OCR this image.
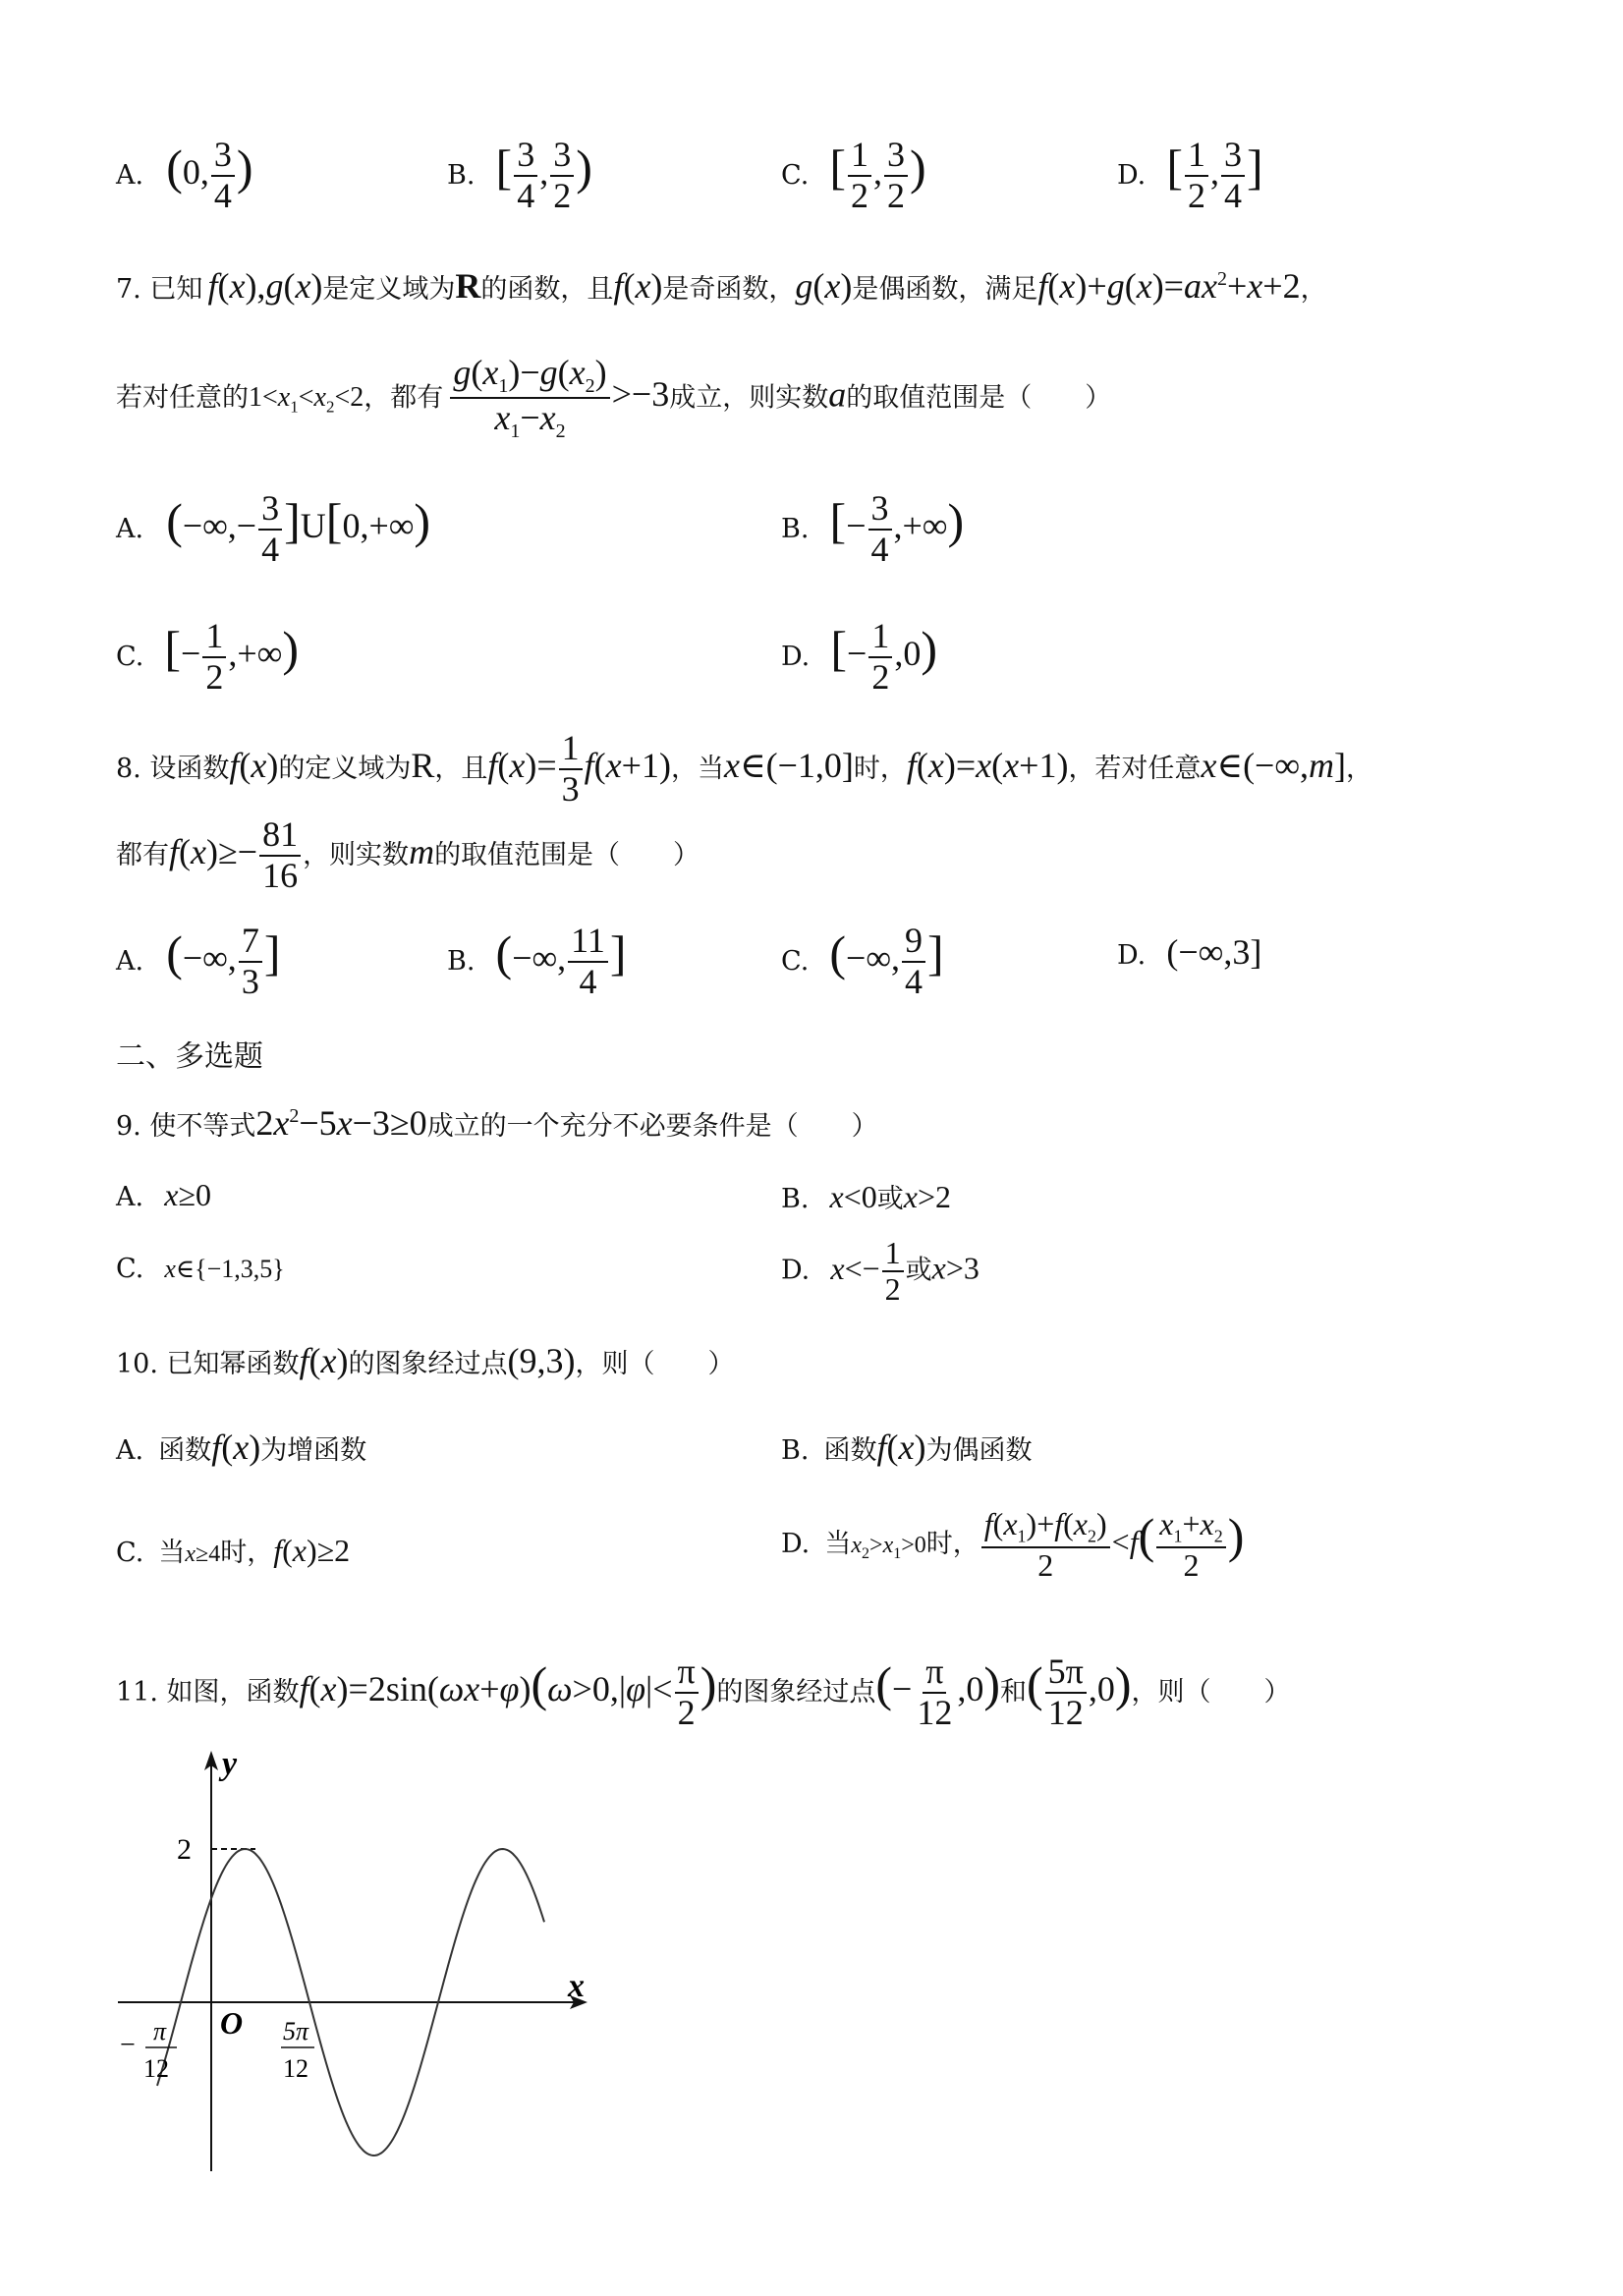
A. (0, $\frac{3}{4}$ )	B. [ $\frac{3}{4}$ , $\frac{3}{2}$ )	C. [ $\frac{1}{2}$ , $\frac{3}{2}$ )	D. [ $\frac{1}{2}$ , $\frac{3}{4}$ ]
7. 已知 f(x),g(x)是定义域为R的函数，且f(x)是奇函数，g(x)是偶函数，满足$f(x)+g(x)=ax^2+x+2$，
若对任意的$1<x_1<x_2<2$，都有 $\frac{g(x_1)-g(x_2)}{x_1-x_2} >-3$成立，则实数a的取值范围是（　　）
A. (−∞,− $\frac{3}{4} ]U[0,+\infty)$	B. [− $\frac{3}{4}$ ,+∞)
C. [− $\frac{1}{2}$ ,+∞)	D. [− $\frac{1}{2} ,0$)
8. 设函数f(x)的定义域为R，且$f(x)= \frac{1}{3} f(x+1)$，当x∈(−1,0]时，f(x)=x(x+1)，若对任意x∈(−∞,m]，
都有$f(x)\ge- \frac{81}{16}$ ，则实数m的取值范围是（　　）
A. (−∞, $\frac{7}{3}$ ]	B. (−∞, $\frac{11}{4}$ ]	C. (−∞, $\frac{9}{4}$ ]	D. (−∞,3]
二、多选题
9. 使不等式$2x^2-5x-3\ge 0$成立的一个充分不必要条件是（　　）
A. x≥0	B. x<0或x>2
C. x∈{−1,3,5}	D. $x<- \frac{1}{2}$ 或x>3
10. 已知幂函数f(x)的图象经过点(9,3)，则（　　）
A. 函数f(x)为增函数	B. 函数f(x)为偶函数
C. 当x≥4时，f(x)≥2	D. 当$x_2>x_1>0$时， $\frac{f(x_1)+f(x_2)}{2} <f( \frac{x_1+x_2}{2}$ )
11. 如图，函数$f(x)=2\sin(\omega x+\varphi)(\omega>0,|\varphi|< \frac{\pi}{2}$ )的图象经过点(− $\frac{\pi}{12} ,0$)和( $\frac{5\pi}{12} ,0$)，则（　　）
y
x
O
2
− π
12
5π
12
